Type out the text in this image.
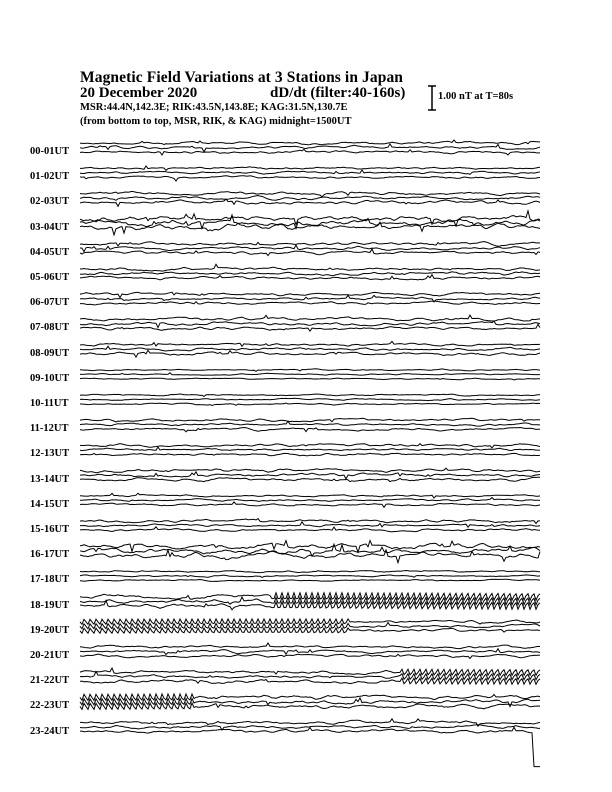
Magnetic Field Variations at 3 Stations in Japan
20 December 2020	dD/dt (filter:40-160s)
MSR:44.4N,142.3E; RIK:43.5N,143.8E; KAG:31.5N,130.7E
(from bottom to top, MSR, RIK, & KAG) midnight=1500UT
1.00 nT at T=80s
00-01UT
01-02UT
02-03UT
03-04UT
04-05UT
05-06UT
06-07UT
07-08UT
08-09UT
09-10UT
10-11UT
11-12UT
12-13UT
13-14UT
14-15UT
15-16UT
16-17UT
17-18UT
18-19UT
19-20UT
20-21UT
21-22UT
22-23UT
23-24UT
